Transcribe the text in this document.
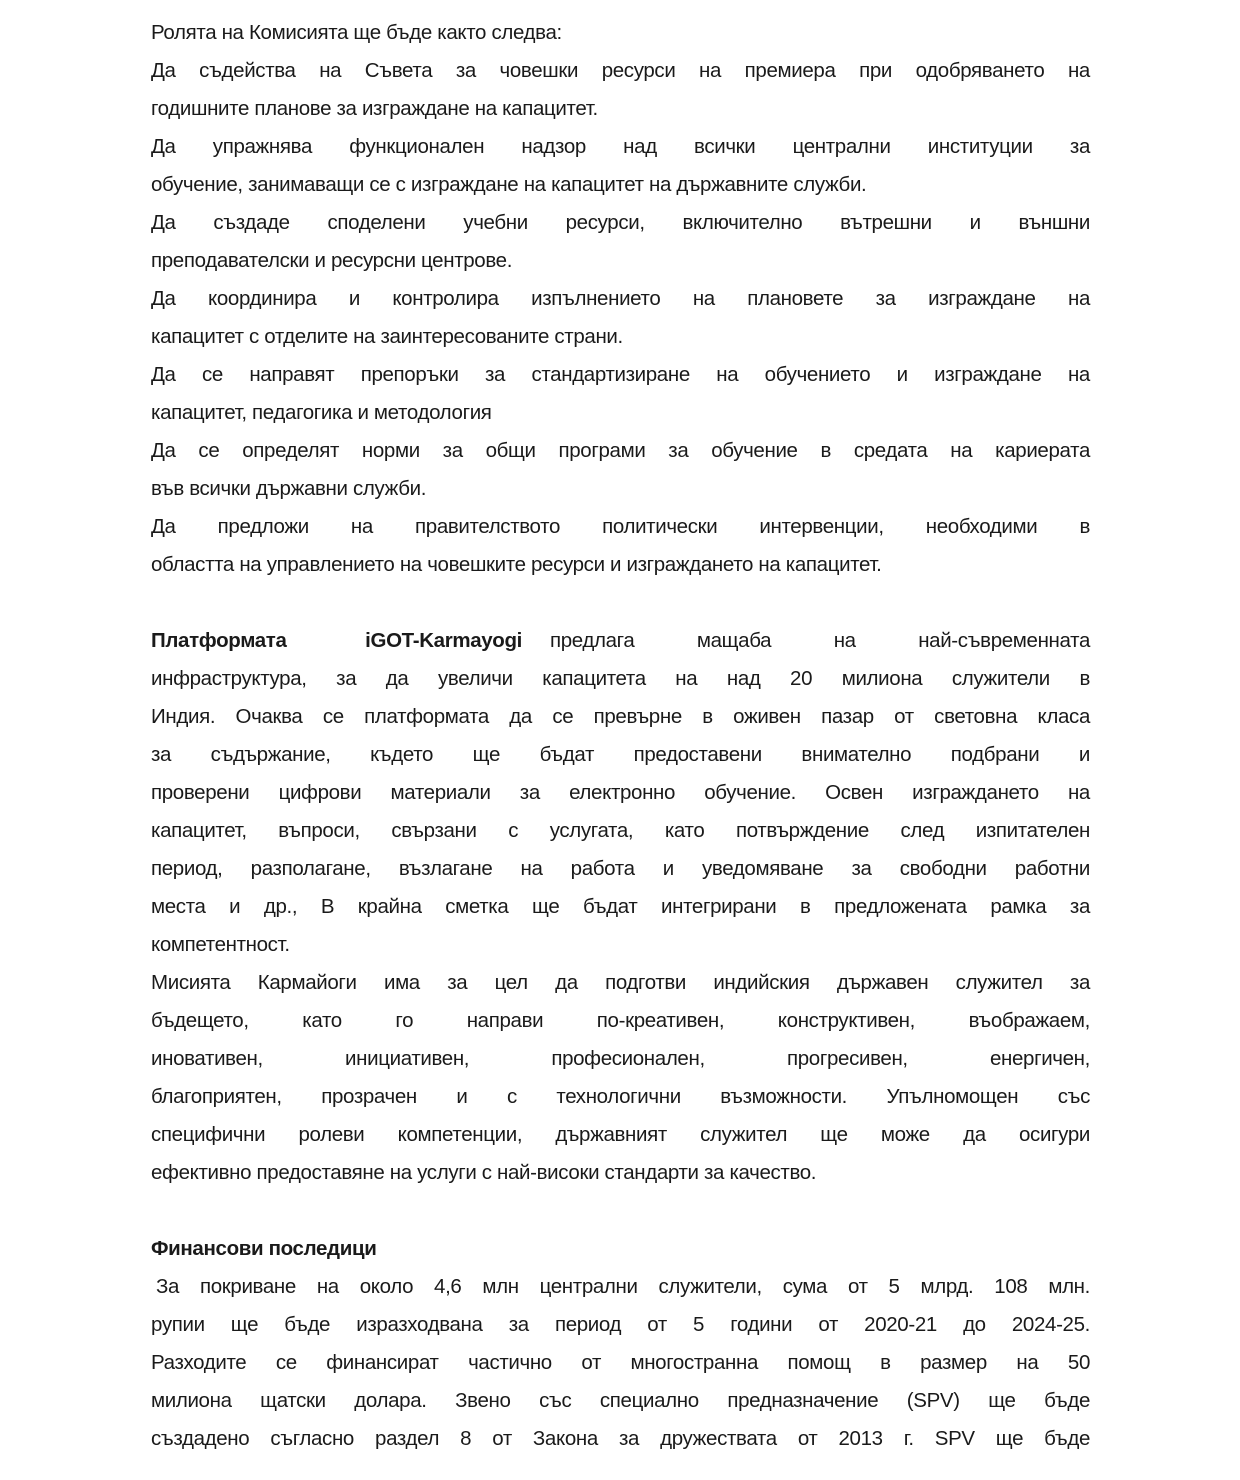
Ролята на Комисията ще бъде както следва:
Да съдейства на Съвета за човешки ресурси на премиера при одобряването на
годишните планове за изграждане на капацитет.
Да упражнява функционален надзор над всички централни институции за
обучение, занимаващи се с изграждане на капацитет на държавните служби.
Да създаде споделени учебни ресурси, включително вътрешни и външни
преподавателски и ресурсни центрове.
Да координира и контролира изпълнението на плановете за изграждане на
капацитет с отделите на заинтересованите страни.
Да се направят препоръки за стандартизиране на обучението и изграждане на
капацитет, педагогика и методология
Да се определят норми за общи програми за обучение в средата на кариерата
във всички държавни служби.
Да предложи на правителството политически интервенции, необходими в
областта на управлението на човешките ресурси и изграждането на капацитет.
Платформата	iGOT-Karmayogi предлага	мащаба	на	най-съвременната
инфраструктура, за да увеличи капацитета на над 20 милиона служители в
Индия. Очаква се платформата да се превърне в оживен пазар от световна класа
за съдържание, където ще бъдат предоставени внимателно подбрани и
проверени цифрови материали за електронно обучение. Освен изграждането на
капацитет, въпроси, свързани с услугата, като потвърждение след изпитателен
период, разполагане, възлагане на работа и уведомяване за свободни работни
места и др., В крайна сметка ще бъдат интегрирани в предложената рамка за
компетентност.
Мисията Кармайоги има за цел да подготви индийския държавен служител за
бъдещето, като го направи по-креативен, конструктивен, въображаем,
иновативен, инициативен, професионален, прогресивен, енергичен,
благоприятен, прозрачен и с технологични възможности. Упълномощен със
специфични ролеви компетенции, държавният служител ще може да осигури
ефективно предоставяне на услуги с най-високи стандарти за качество.
Финансови последици
За покриване на около 4,6 млн централни служители, сума от 5 млрд. 108 млн.
рупии ще бъде изразходвана за период от 5 години от 2020-21 до 2024-25.
Разходите се финансират частично от многостранна помощ в размер на 50
милиона щатски долара. Звено със специално предназначение (SPV) ще бъде
създадено съгласно раздел 8 от Закона за дружествата от 2013 г. SPV ще бъде
